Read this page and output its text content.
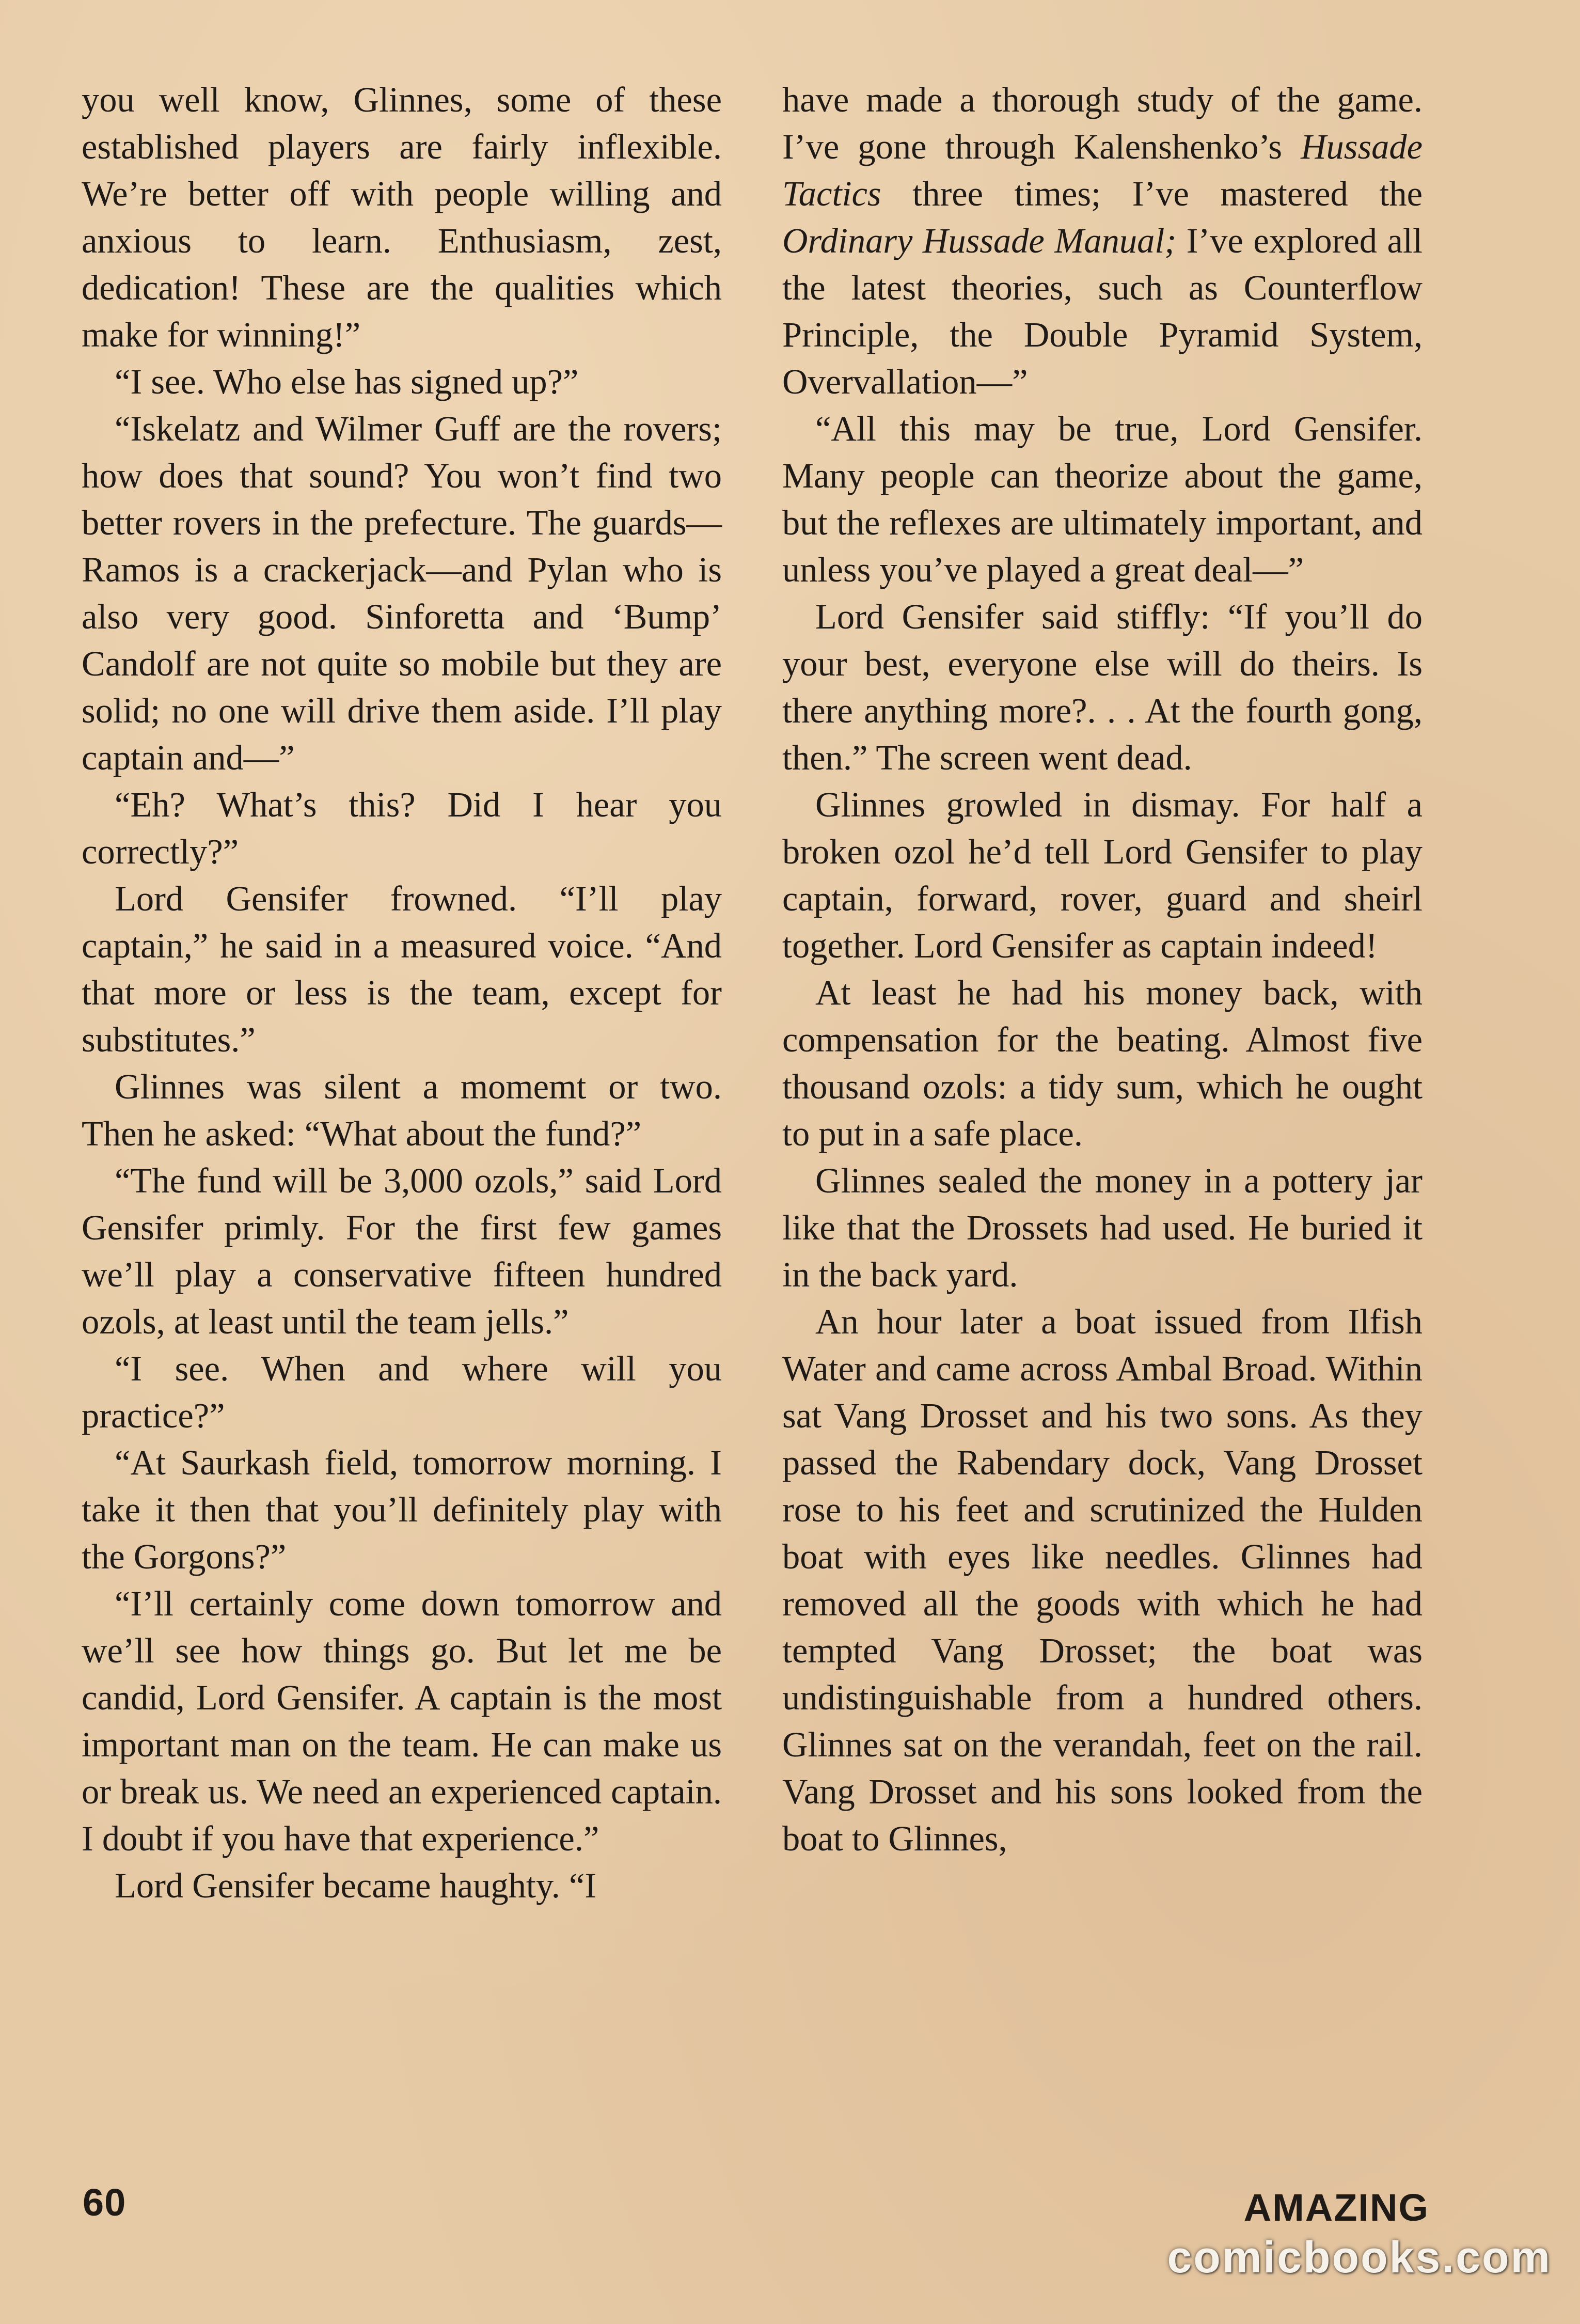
you well know, Glinnes, some of these established players are fairly inflexible. We’re better off with people willing and anxious to learn. Enthusiasm, zest, dedication! These are the qualities which make for winning!”

“I see. Who else has signed up?”

“Iskelatz and Wilmer Guff are the rovers; how does that sound? You won’t find two better rovers in the prefecture. The guards—Ramos is a crackerjack—and Pylan who is also very good. Sinforetta and ‘Bump’ Candolf are not quite so mobile but they are solid; no one will drive them aside. I’ll play captain and—”

“Eh? What’s this? Did I hear you correctly?”

Lord Gensifer frowned. “I’ll play captain,” he said in a measured voice. “And that more or less is the team, except for substitutes.”

Glinnes was silent a momemt or two. Then he asked: “What about the fund?”

“The fund will be 3,000 ozols,” said Lord Gensifer primly. For the first few games we’ll play a conservative fifteen hundred ozols, at least until the team jells.”

“I see. When and where will you practice?”

“At Saurkash field, tomorrow morning. I take it then that you’ll definitely play with the Gorgons?”

“I’ll certainly come down tomorrow and we’ll see how things go. But let me be candid, Lord Gensifer. A captain is the most important man on the team. He can make us or break us. We need an experienced captain. I doubt if you have that experience.”

Lord Gensifer became haughty. “I

have made a thorough study of the game. I’ve gone through Kalenshenko’s Hussade Tactics three times; I’ve mastered the Ordinary Hussade Manual; I’ve explored all the latest theories, such as Counterflow Principle, the Double Pyramid System, Overvallation—”

“All this may be true, Lord Gensifer. Many people can theorize about the game, but the reflexes are ultimately important, and unless you’ve played a great deal—”

Lord Gensifer said stiffly: “If you’ll do your best, everyone else will do theirs. Is there anything more?. . . At the fourth gong, then.” The screen went dead.

Glinnes growled in dismay. For half a broken ozol he’d tell Lord Gensifer to play captain, forward, rover, guard and sheirl together. Lord Gensifer as captain indeed!

At least he had his money back, with compensation for the beating. Almost five thousand ozols: a tidy sum, which he ought to put in a safe place.

Glinnes sealed the money in a pottery jar like that the Drossets had used. He buried it in the back yard.

An hour later a boat issued from Ilfish Water and came across Ambal Broad. Within sat Vang Drosset and his two sons. As they passed the Rabendary dock, Vang Drosset rose to his feet and scrutinized the Hulden boat with eyes like needles. Glinnes had removed all the goods with which he had tempted Vang Drosset; the boat was undistinguishable from a hundred others. Glinnes sat on the verandah, feet on the rail. Vang Drosset and his sons looked from the boat to Glinnes,

60	AMAZING
comicbooks.com
